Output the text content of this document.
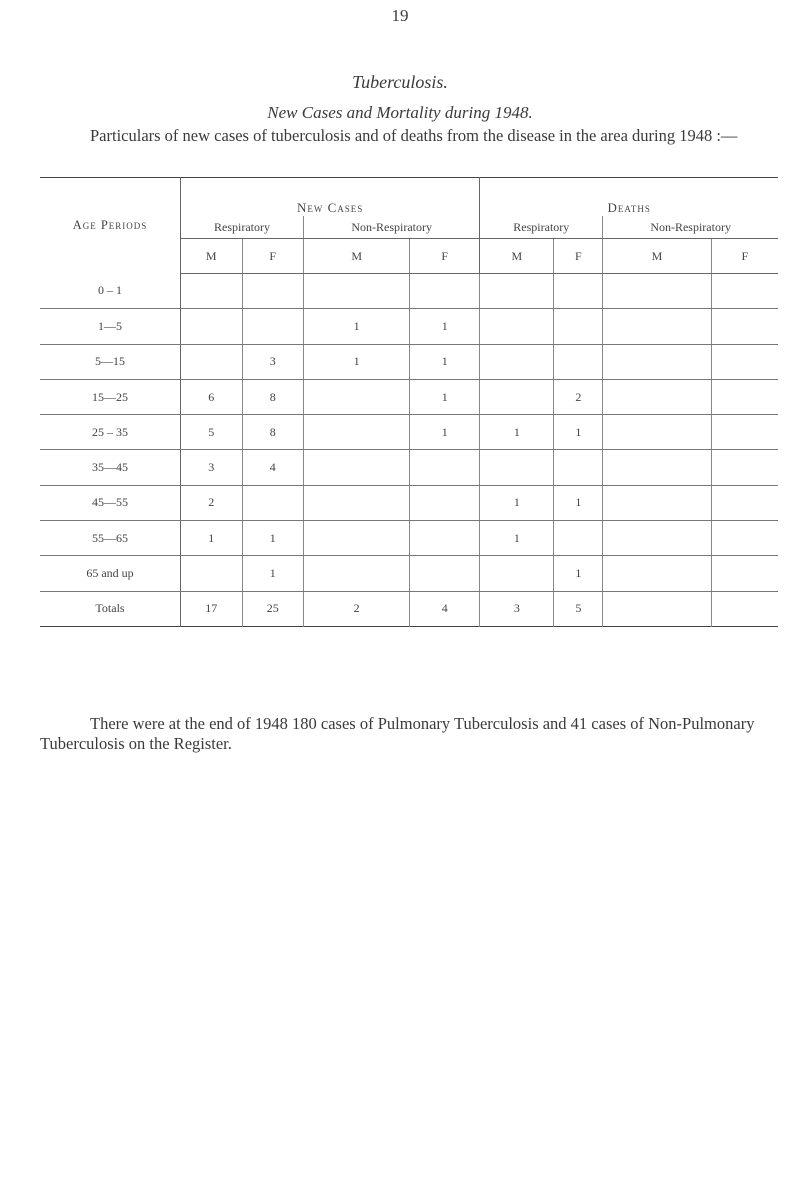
19
Tuberculosis.
New Cases and Mortality during 1948.

Particulars of new cases of tuberculosis and of deaths from the disease in the area during 1948 :—

Age Periods	New Cases				Deaths			
	Respiratory		Non-Respiratory		Respiratory		Non-Respiratory	
	M	F	M	F	M	F	M	F
0 – 1								
1—5			1	1				
5—15		3	1	1				
15—25	6	8		1		2		
25 – 35	5	8		1	1	1		
35—45	3	4						
45—55	2				1	1		
55—65	1	1			1			
65 and up		1				1		
Totals	17	25	2	4	3	5		

There were at the end of 1948 180 cases of Pulmonary Tuberculosis and 41 cases of Non-Pulmonary Tuberculosis on the Register.
